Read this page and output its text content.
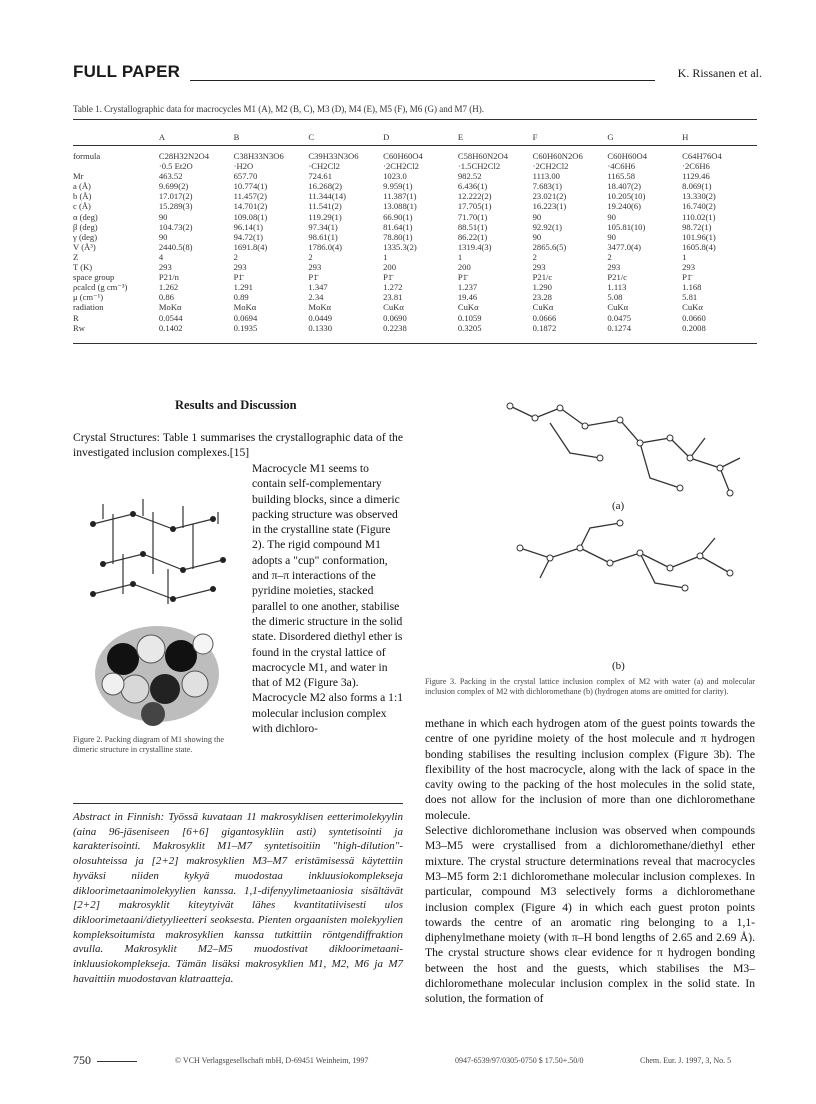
FULL PAPER	K. Rissanen et al.
Table 1. Crystallographic data for macrocycles M1 (A), M2 (B, C), M3 (D), M4 (E), M5 (F), M6 (G) and M7 (H).
	A	B	C	D	E	F	G	H
formula	C28H32N2O4	C38H33N3O6	C39H33N3O6	C60H60O4	C58H60N2O4	C60H60N2O6	C60H60O4	C64H76O4
	·0.5 Et2O	·H2O	·CH2Cl2	·2CH2Cl2	·1.5CH2Cl2	·2CH2Cl2	·4C6H6	·2C6H6
Mr	463.52	657.70	724.61	1023.0	982.52	1113.00	1165.58	1129.46
a (Å)	9.699(2)	10.774(1)	16.268(2)	9.959(1)	6.436(1)	7.683(1)	18.407(2)	8.069(1)
b (Å)	17.017(2)	11.457(2)	11.344(14)	11.387(1)	12.222(2)	23.021(2)	10.205(10)	13.330(2)
c (Å)	15.289(3)	14.701(2)	11.541(2)	13.088(1)	17.705(1)	16.223(1)	19.240(6)	16.740(2)
α (deg)	90	109.08(1)	119.29(1)	66.90(1)	71.70(1)	90	90	110.02(1)
β (deg)	104.73(2)	96.14(1)	97.34(1)	81.64(1)	88.51(1)	92.92(1)	105.81(10)	98.72(1)
γ (deg)	90	94.72(1)	98.61(1)	78.80(1)	86.22(1)	90	90	101.96(1)
V (Å³)	2440.5(8)	1691.8(4)	1786.0(4)	1335.3(2)	1319.4(3)	2865.6(5)	3477.0(4)	1605.8(4)
Z	4	2	2	1	1	2	2	1
T (K)	293	293	293	200	200	293	293	293
space group	P21/n	P1̄	P1̄	P1̄	P1̄	P21/c	P21/c	P1̄
ρcalcd (g cm⁻³)	1.262	1.291	1.347	1.272	1.237	1.290	1.113	1.168
μ (cm⁻¹)	0.86	0.89	2.34	23.81	19.46	23.28	5.08	5.81
radiation	MoKα	MoKα	MoKα	CuKα	CuKα	CuKα	CuKα	CuKα
R	0.0544	0.0694	0.0449	0.0690	0.1059	0.0666	0.0475	0.0660
Rw	0.1402	0.1935	0.1330	0.2238	0.3205	0.1872	0.1274	0.2008
Results and Discussion
Crystal Structures: Table 1 summarises the crystallographic data of the investigated inclusion complexes.[15]
Figure 2. Packing diagram of M1 showing the dimeric structure in crystalline state.
Macrocycle M1 seems to contain self-complementary building blocks, since a dimeric packing structure was observed in the crystalline state (Figure 2). The rigid compound M1 adopts a "cup" conformation, and π–π interactions of the pyridine moieties, stacked parallel to one another, stabilise the dimeric structure in the solid state. Disordered diethyl ether is found in the crystal lattice of macrocycle M1, and water in that of M2 (Figure 3a). Macrocycle M2 also forms a 1:1 molecular inclusion complex with dichloro-
(a)
(b)
Figure 3. Packing in the crystal lattice inclusion complex of M2 with water (a) and molecular inclusion complex of M2 with dichloromethane (b) (hydrogen atoms are omitted for clarity).
Abstract in Finnish: Työssä kuvataan 11 makrosyklisen eetterimolekyylin (aina 96-jäseniseen [6+6] gigantosykliin asti) syntetisointi ja karakterisointi. Makrosyklit M1–M7 syntetisoitiin "high-dilution"-olosuhteissa ja [2+2] makrosyklien M3–M7 eristämisessä käytettiin hyväksi niiden kykyä muodostaa inkluusiokomplekseja dikloorimetaanimolekyylien kanssa. 1,1-difenyylimetaaniosia sisältävät [2+2] makrosyklit kiteytyivät lähes kvantitatiivisesti ulos dikloorimetaani/dietyylieetteri seoksesta. Pienten orgaanisten molekyylien kompleksoitumista makrosyklien kanssa tutkittiin röntgendiffraktion avulla. Makrosyklit M2–M5 muodostivat dikloorimetaani-inkluusiokomplekseja. Tämän lisäksi makrosyklien M1, M2, M6 ja M7 havaittiin muodostavan klatraatteja.
methane in which each hydrogen atom of the guest points towards the centre of one pyridine moiety of the host molecule and π hydrogen bonding stabilises the resulting inclusion complex (Figure 3b). The flexibility of the host macrocycle, along with the lack of space in the cavity owing to the packing of the host molecules in the solid state, does not allow for the inclusion of more than one dichloromethane molecule.
Selective dichloromethane inclusion was observed when compounds M3–M5 were crystallised from a dichloromethane/diethyl ether mixture. The crystal structure determinations reveal that macrocycles M3–M5 form 2:1 dichloromethane molecular inclusion complexes. In particular, compound M3 selectively forms a dichloromethane inclusion complex (Figure 4) in which each guest proton points towards the centre of an aromatic ring belonging to a 1,1-diphenylmethane moiety (with π–H bond lengths of 2.65 and 2.69 Å). The crystal structure shows clear evidence for π hydrogen bonding between the host and the guests, which stabilises the M3–dichloromethane molecular inclusion complex in the solid state. In solution, the formation of
750	© VCH Verlagsgesellschaft mbH, D-69451 Weinheim, 1997	0947-6539/97/0305-0750 $ 17.50+.50/0	Chem. Eur. J. 1997, 3, No. 5
